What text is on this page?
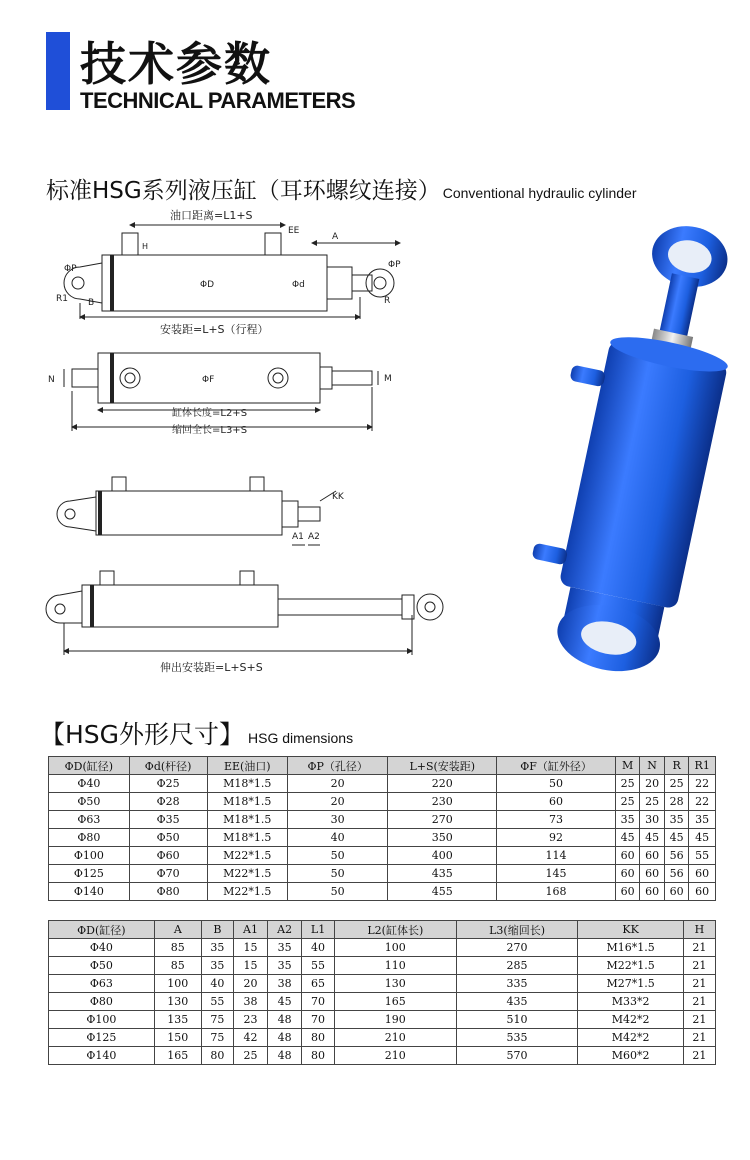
技术参数
TECHNICAL PARAMETERS
标准HSG系列液压缸（耳环螺纹连接） Conventional hydraulic cylinder
油口距离=L1+S
EE
A
ΦP	ΦP
ΦD	Φd
H
R1 B	R
安装距=L+S（行程）
N	M
ΦF
缸体长度=L2+S
缩回全长=L3+S
KK
A1 A2
伸出安装距=L+S+S
【HSG外形尺寸】 HSG dimensions
ΦD(缸径)	Φd(杆径)	EE(油口)	ΦP（孔径）	L+S(安装距)	ΦF（缸外径）	M	N	R	R1
Φ40	Φ25	M18*1.5	20	220	50	25	20	25	22
Φ50	Φ28	M18*1.5	20	230	60	25	25	28	22
Φ63	Φ35	M18*1.5	30	270	73	35	30	35	35
Φ80	Φ50	M18*1.5	40	350	92	45	45	45	45
Φ100	Φ60	M22*1.5	50	400	114	60	60	56	55
Φ125	Φ70	M22*1.5	50	435	145	60	60	56	60
Φ140	Φ80	M22*1.5	50	455	168	60	60	60	60
ΦD(缸径)	A	B	A1	A2	L1	L2(缸体长)	L3(缩回长)	KK	H
Φ40	85	35	15	35	40	100	270	M16*1.5	21
Φ50	85	35	15	35	55	110	285	M22*1.5	21
Φ63	100	40	20	38	65	130	335	M27*1.5	21
Φ80	130	55	38	45	70	165	435	M33*2	21
Φ100	135	75	23	48	70	190	510	M42*2	21
Φ125	150	75	42	48	80	210	535	M42*2	21
Φ140	165	80	25	48	80	210	570	M60*2	21
